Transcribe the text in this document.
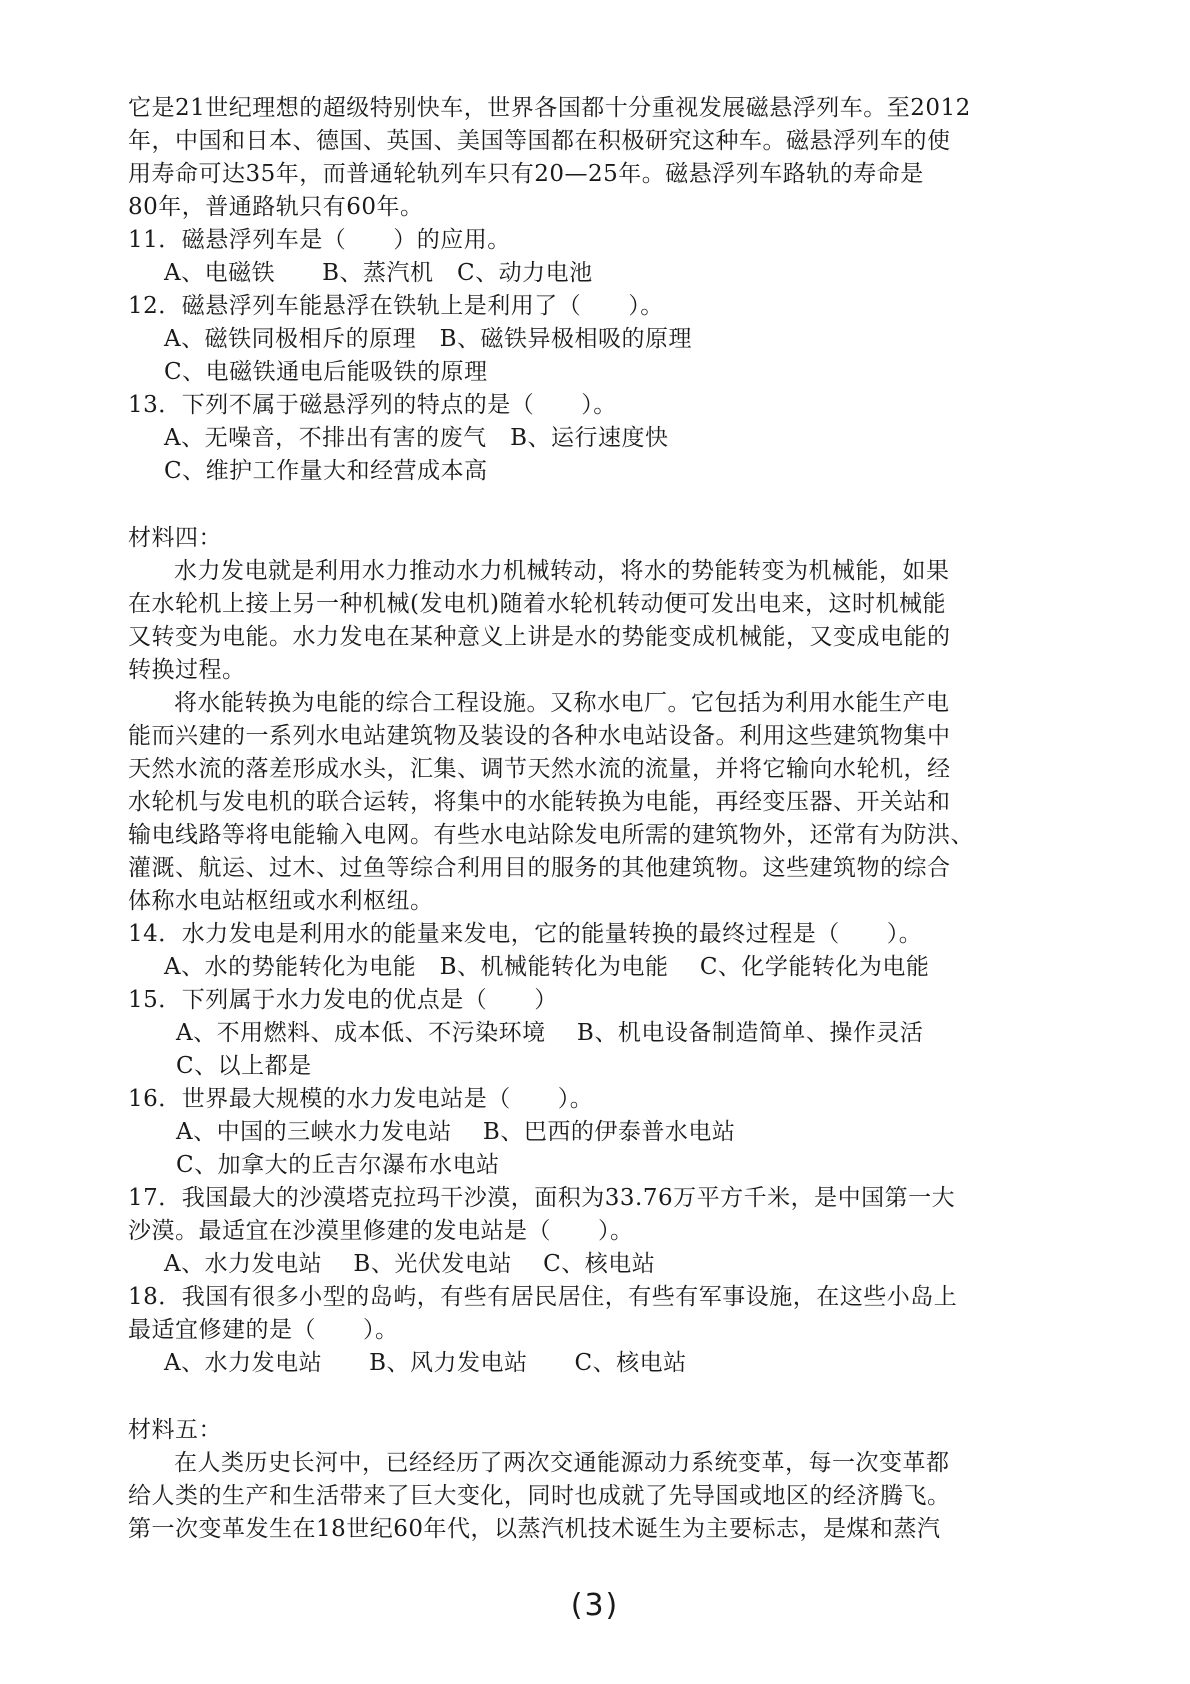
它是21世纪理想的超级特别快车，世界各国都十分重视发展磁悬浮列车。至2012
年，中国和日本、德国、英国、美国等国都在积极研究这种车。磁悬浮列车的使
用寿命可达35年，而普通轮轨列车只有20—25年。磁悬浮列车路轨的寿命是
80年，普通路轨只有60年。
11．磁悬浮列车是（　　）的应用。
A、电磁铁　　B、蒸汽机　C、动力电池
12．磁悬浮列车能悬浮在铁轨上是利用了（　　）。
A、磁铁同极相斥的原理　B、磁铁异极相吸的原理
C、电磁铁通电后能吸铁的原理
13．下列不属于磁悬浮列的特点的是（　　）。
A、无噪音，不排出有害的废气　B、运行速度快
C、维护工作量大和经营成本高
材料四：
水力发电就是利用水力推动水力机械转动，将水的势能转变为机械能，如果
在水轮机上接上另一种机械(发电机)随着水轮机转动便可发出电来，这时机械能
又转变为电能。水力发电在某种意义上讲是水的势能变成机械能，又变成电能的
转换过程。
将水能转换为电能的综合工程设施。又称水电厂。它包括为利用水能生产电
能而兴建的一系列水电站建筑物及装设的各种水电站设备。利用这些建筑物集中
天然水流的落差形成水头，汇集、调节天然水流的流量，并将它输向水轮机，经
水轮机与发电机的联合运转，将集中的水能转换为电能，再经变压器、开关站和
输电线路等将电能输入电网。有些水电站除发电所需的建筑物外，还常有为防洪、
灌溉、航运、过木、过鱼等综合利用目的服务的其他建筑物。这些建筑物的综合
体称水电站枢纽或水利枢纽。
14．水力发电是利用水的能量来发电，它的能量转换的最终过程是（　　）。
A、水的势能转化为电能　B、机械能转化为电能　 C、化学能转化为电能
15．下列属于水力发电的优点是（　　）
A、不用燃料、成本低、不污染环境　 B、机电设备制造简单、操作灵活
C、以上都是
16．世界最大规模的水力发电站是（　　）。
A、中国的三峡水力发电站　 B、巴西的伊泰普水电站
C、加拿大的丘吉尔瀑布水电站
17．我国最大的沙漠塔克拉玛干沙漠，面积为33.76万平方千米，是中国第一大
沙漠。最适宜在沙漠里修建的发电站是（　　）。
A、水力发电站　 B、光伏发电站　 C、核电站
18．我国有很多小型的岛屿，有些有居民居住，有些有军事设施，在这些小岛上
最适宜修建的是（　　）。
A、水力发电站　　B、风力发电站　　C、核电站
材料五：
在人类历史长河中，已经经历了两次交通能源动力系统变革，每一次变革都
给人类的生产和生活带来了巨大变化，同时也成就了先导国或地区的经济腾飞。
第一次变革发生在18世纪60年代，以蒸汽机技术诞生为主要标志，是煤和蒸汽
(3)
